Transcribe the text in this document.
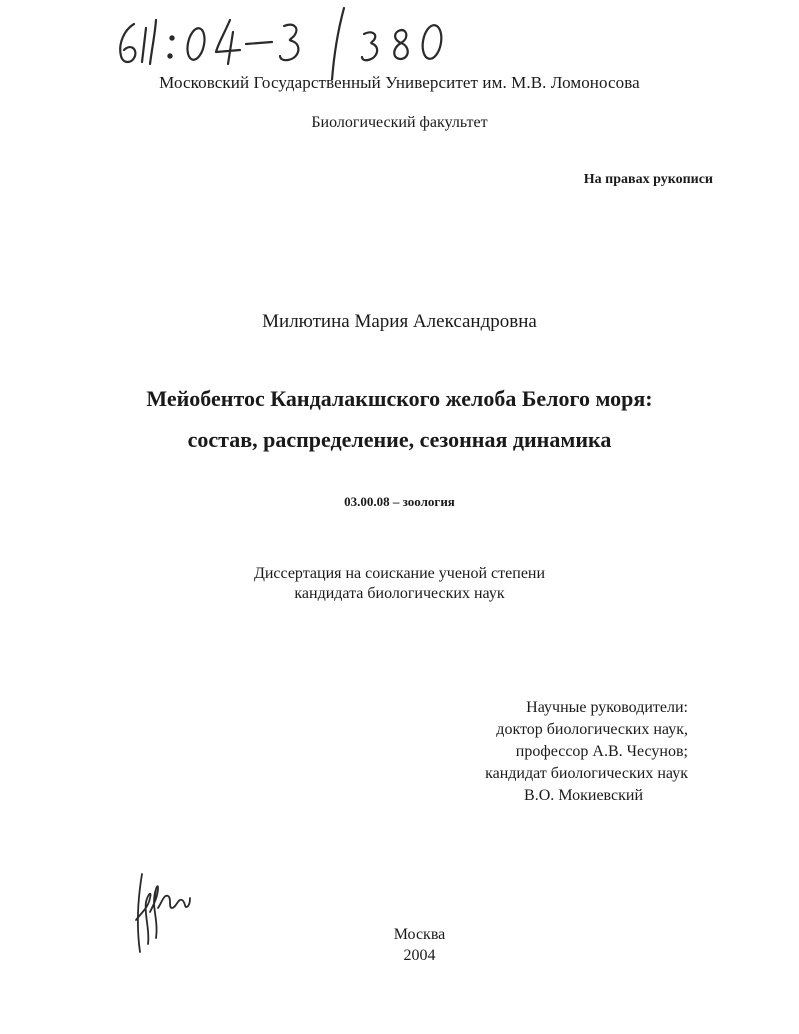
Московский Государственный Университет им. М.В. Ломоносова
Биологический факультет
На правах рукописи
Милютина Мария Александровна
Мейобентос Кандалакшского желоба Белого моря:
состав, распределение, сезонная динамика
03.00.08 – зоология
Диссертация на соискание ученой степени
кандидата биологических наук
Научные руководители:
доктор биологических наук,
профессор А.В. Чесунов;
кандидат биологических наук
В.О. Мокиевский
Москва
2004
